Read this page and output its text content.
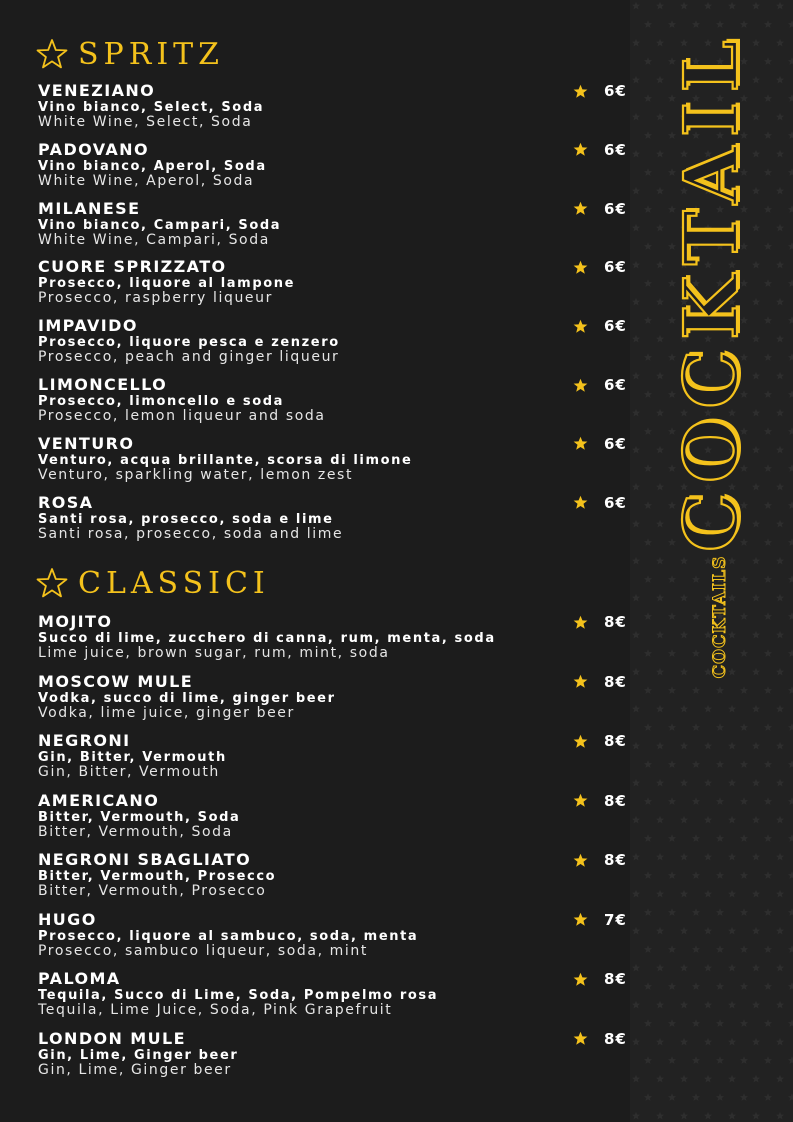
COCKTAIL
COCKTAILS
SPRITZ
VENEZIANO
Vino bianco, Select, Soda
White Wine, Select, Soda
6€
PADOVANO
Vino bianco, Aperol, Soda
White Wine, Aperol, Soda
6€
MILANESE
Vino bianco, Campari, Soda
White Wine, Campari, Soda
6€
CUORE SPRIZZATO
Prosecco, liquore al lampone
Prosecco, raspberry liqueur
6€
IMPAVIDO
Prosecco, liquore pesca e zenzero
Prosecco, peach and ginger liqueur
6€
LIMONCELLO
Prosecco, limoncello e soda
Prosecco, lemon liqueur and soda
6€
VENTURO
Venturo, acqua brillante, scorsa di limone
Venturo, sparkling water, lemon zest
6€
ROSA
Santi rosa, prosecco, soda e lime
Santi rosa, prosecco, soda and lime
6€
CLASSICI
MOJITO
Succo di lime, zucchero di canna, rum, menta, soda
Lime juice, brown sugar, rum, mint, soda
8€
MOSCOW MULE
Vodka, succo di lime, ginger beer
Vodka, lime juice, ginger beer
8€
NEGRONI
Gin, Bitter, Vermouth
Gin, Bitter, Vermouth
8€
AMERICANO
Bitter, Vermouth, Soda
Bitter, Vermouth, Soda
8€
NEGRONI SBAGLIATO
Bitter, Vermouth, Prosecco
Bitter, Vermouth, Prosecco
8€
HUGO
Prosecco, liquore al sambuco, soda, menta
Prosecco, sambuco liqueur, soda, mint
7€
PALOMA
Tequila, Succo di Lime, Soda, Pompelmo rosa
Tequila, Lime Juice, Soda, Pink Grapefruit
8€
LONDON MULE
Gin, Lime, Ginger beer
Gin, Lime, Ginger beer
8€
